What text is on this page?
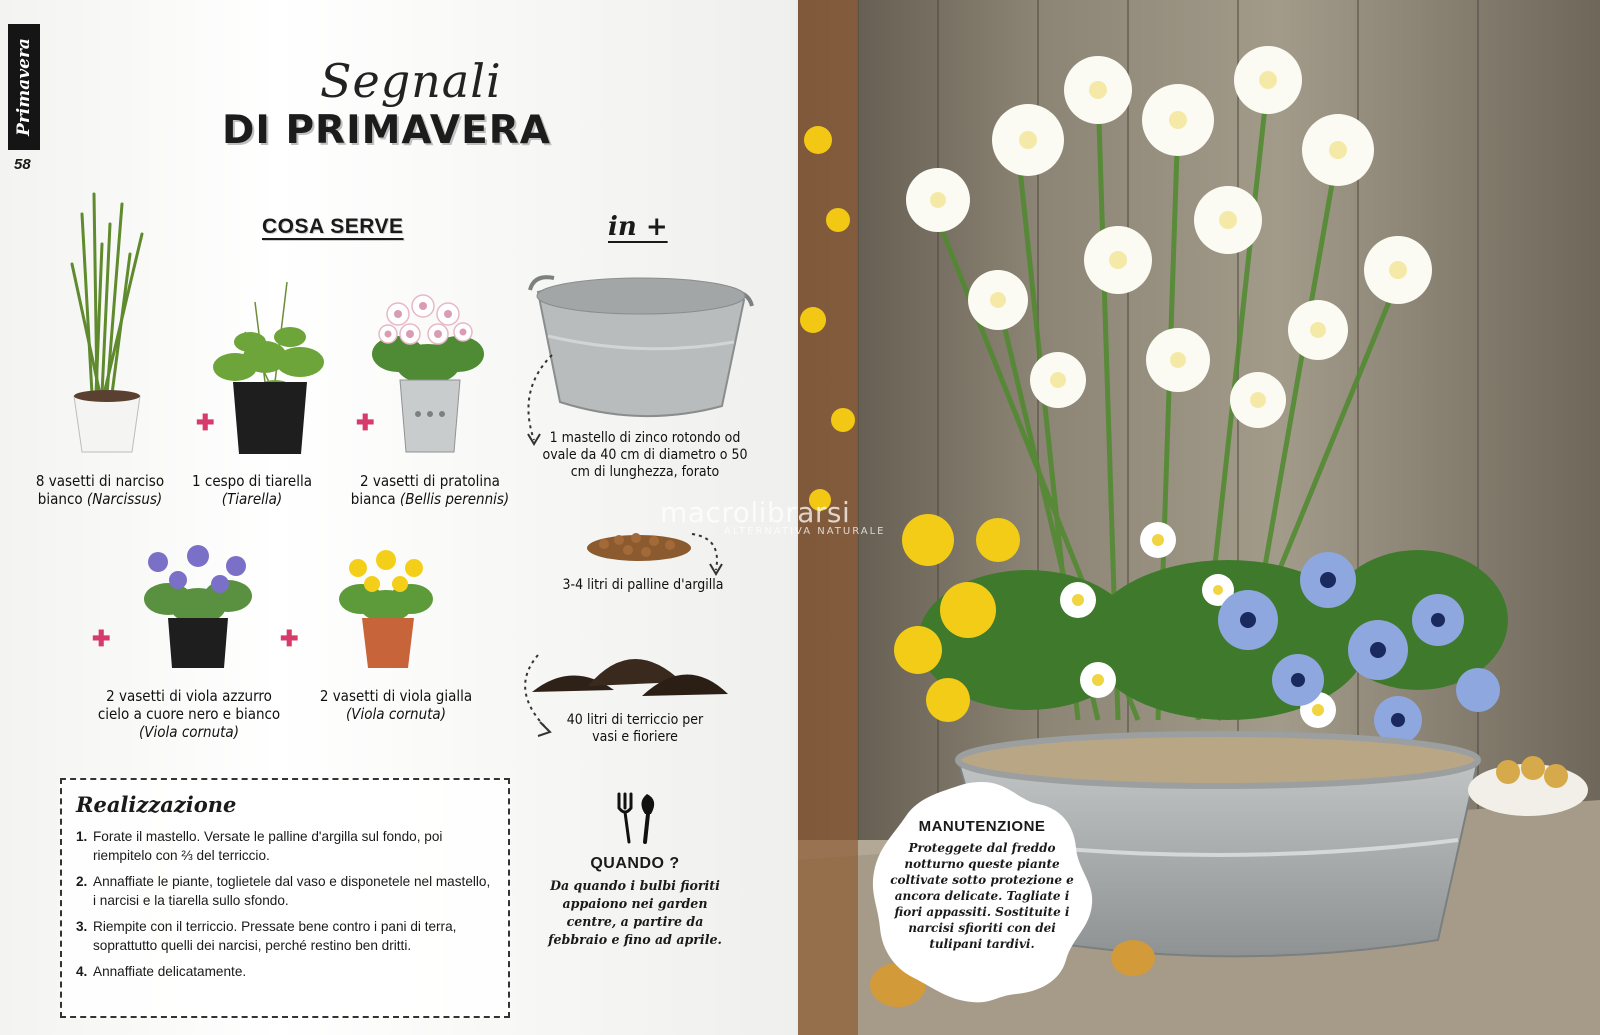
Primavera
58
Segnali
DI PRIMAVERA
COSA SERVE	in +
✚	✚
✚	✚
8 vasetti di narciso bianco (Narcissus)
1 cespo di tiarella
(Tiarella)
2 vasetti di pratolina bianca (Bellis perennis)
2 vasetti di viola azzurro cielo a cuore nero e bianco (Viola cornuta)
2 vasetti di viola gialla (Viola cornuta)
1 mastello di zinco rotondo od ovale da 40 cm di diametro o 50 cm di lunghezza, forato
3-4 litri di palline d'argilla
40 litri di terriccio per vasi e fioriere
Realizzazione
1. Forate il mastello. Versate le palline d'argilla sul fondo, poi riempitelo con ⅔ del terriccio.
2. Annaffiate le piante, toglietele dal vaso e disponetele nel mastello, i narcisi e la tiarella sullo sfondo.
3. Riempite con il terriccio. Pressate bene contro i pani di terra, soprattutto quelli dei narcisi, perché restino ben dritti.
4. Annaffiate delicatamente.
QUANDO ?
Da quando i bulbi fioriti appaiono nei garden centre, a partire da febbraio e fino ad aprile.
macrolibrarsi
ALTERNATIVA NATURALE
MANUTENZIONE
Proteggete dal freddo notturno queste piante coltivate sotto protezione e ancora delicate. Tagliate i fiori appassiti. Sostituite i narcisi sfioriti con dei tulipani tardivi.
